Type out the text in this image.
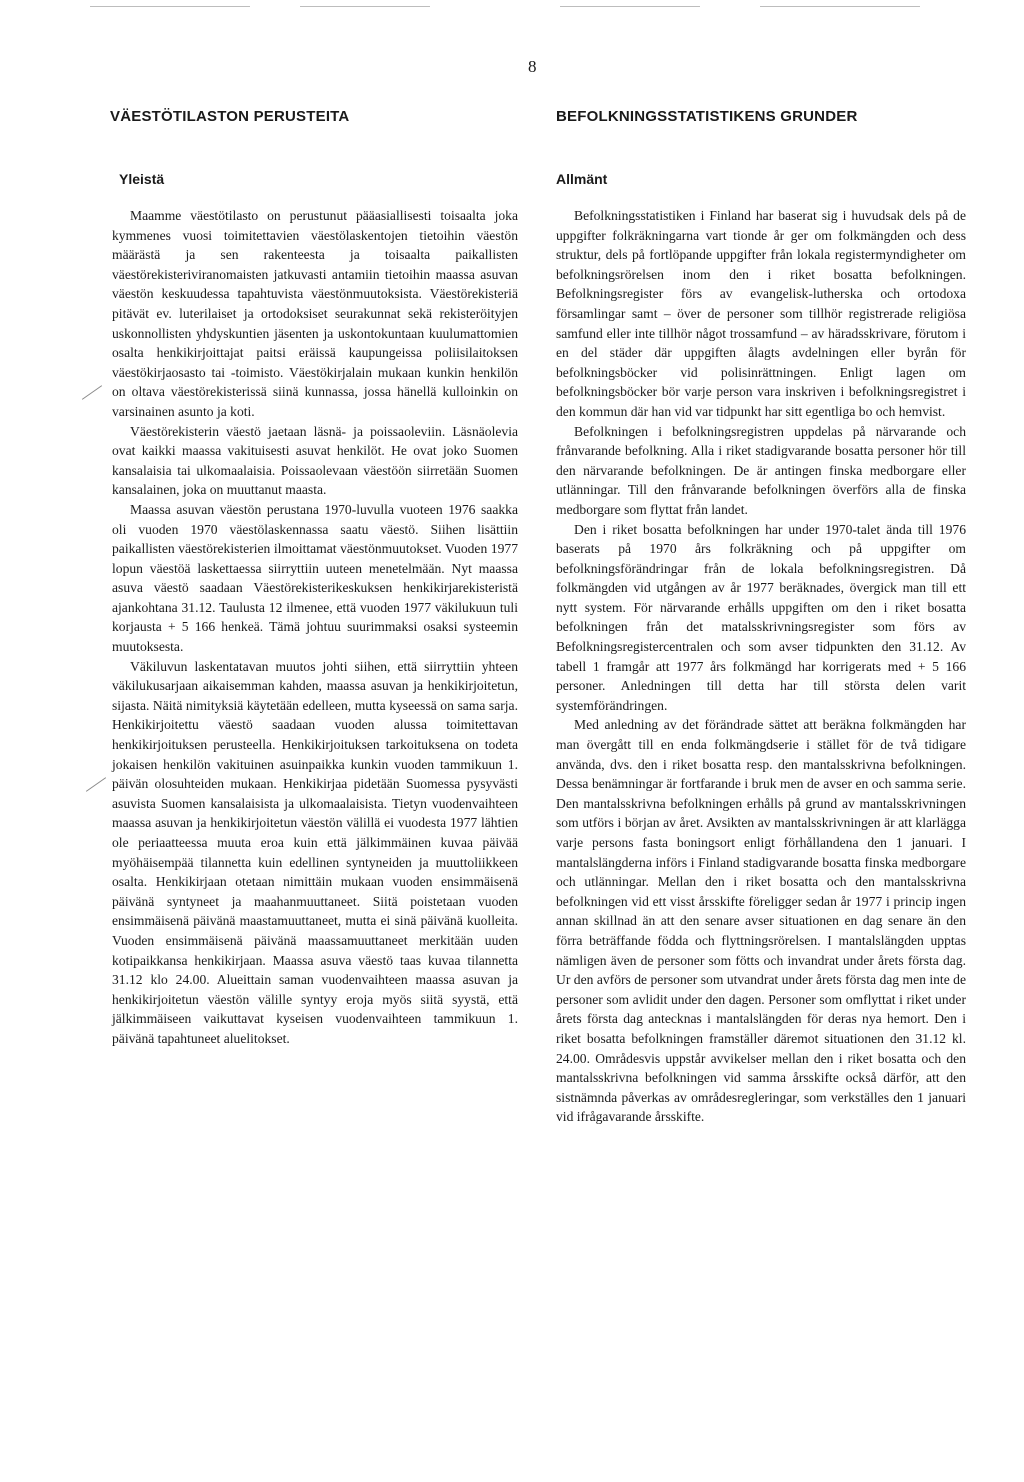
8
VÄESTÖTILASTON PERUSTEITA
Yleistä

Maamme väestötilasto on perustunut pääasiallisesti toisaalta joka kymmenes vuosi toimitettavien väestölaskentojen tietoihin väestön määrästä ja sen rakenteesta ja toisaalta paikallisten väestörekisteriviranomaisten jatkuvasti antamiin tietoihin maassa asuvan väestön keskuudessa tapahtuvista väestönmuutoksista. Väestörekisteriä pitävät ev. luterilaiset ja ortodoksiset seurakunnat sekä rekisteröityjen uskonnollisten yhdyskuntien jäsenten ja uskontokuntaan kuulumattomien osalta henkikirjoittajat paitsi eräissä kaupungeissa poliisilaitoksen väestökirjaosasto tai -toimisto. Väestökirjalain mukaan kunkin henkilön on oltava väestörekisterissä siinä kunnassa, jossa hänellä kulloinkin on varsinainen asunto ja koti.

Väestörekisterin väestö jaetaan läsnä- ja poissaoleviin. Läsnäolevia ovat kaikki maassa vakituisesti asuvat henkilöt. He ovat joko Suomen kansalaisia tai ulkomaalaisia. Poissaolevaan väestöön siirretään Suomen kansalainen, joka on muuttanut maasta.

Maassa asuvan väestön perustana 1970-luvulla vuoteen 1976 saakka oli vuoden 1970 väestölaskennassa saatu väestö. Siihen lisättiin paikallisten väestörekisterien ilmoittamat väestönmuutokset. Vuoden 1977 lopun väestöä laskettaessa siirryttiin uuteen menetelmään. Nyt maassa asuva väestö saadaan Väestörekisterikeskuksen henkikirjarekisteristä ajankohtana 31.12. Taulusta 12 ilmenee, että vuoden 1977 väkilukuun tuli korjausta + 5 166 henkeä. Tämä johtuu suurimmaksi osaksi systeemin muutoksesta.

Väkiluvun laskentatavan muutos johti siihen, että siirryttiin yhteen väkilukusarjaan aikaisemman kahden, maassa asuvan ja henkikirjoitetun, sijasta. Näitä nimityksiä käytetään edelleen, mutta kyseessä on sama sarja. Henkikirjoitettu väestö saadaan vuoden alussa toimitettavan henkikirjoituksen perusteella. Henkikirjoituksen tarkoituksena on todeta jokaisen henkilön vakituinen asuinpaikka kunkin vuoden tammikuun 1. päivän olosuhteiden mukaan. Henkikirjaa pidetään Suomessa pysyvästi asuvista Suomen kansalaisista ja ulkomaalaisista. Tietyn vuodenvaihteen maassa asuvan ja henkikirjoitetun väestön välillä ei vuodesta 1977 lähtien ole periaatteessa muuta eroa kuin että jälkimmäinen kuvaa päivää myöhäisempää tilannetta kuin edellinen syntyneiden ja muuttoliikkeen osalta. Henkikirjaan otetaan nimittäin mukaan vuoden ensimmäisenä päivänä syntyneet ja maahanmuuttaneet. Siitä poistetaan vuoden ensimmäisenä päivänä maastamuuttaneet, mutta ei sinä päivänä kuolleita. Vuoden ensimmäisenä päivänä maassamuuttaneet merkitään uuden kotipaikkansa henkikirjaan. Maassa asuva väestö taas kuvaa tilannetta 31.12 klo 24.00. Alueittain saman vuodenvaihteen maassa asuvan ja henkikirjoitetun väestön välille syntyy eroja myös siitä syystä, että jälkimmäiseen vaikuttavat kyseisen vuodenvaihteen tammikuun 1. päivänä tapahtuneet aluelitokset.

BEFOLKNINGSSTATISTIKENS GRUNDER
Allmänt

Befolkningsstatistiken i Finland har baserat sig i huvudsak dels på de uppgifter folkräkningarna vart tionde år ger om folkmängden och dess struktur, dels på fortlöpande uppgifter från lokala registermyndigheter om befolkningsrörelsen inom den i riket bosatta befolkningen. Befolkningsregister förs av evangelisk-lutherska och ortodoxa församlingar samt – över de personer som tillhör registrerade religiösa samfund eller inte tillhör något trossamfund – av häradsskrivare, förutom i en del städer där uppgiften ålagts avdelningen eller byrån för befolkningsböcker vid polisinrättningen. Enligt lagen om befolkningsböcker bör varje person vara inskriven i befolkningsregistret i den kommun där han vid var tidpunkt har sitt egentliga bo och hemvist.

Befolkningen i befolkningsregistren uppdelas på närvarande och frånvarande befolkning. Alla i riket stadigvarande bosatta personer hör till den närvarande befolkningen. De är antingen finska medborgare eller utlänningar. Till den frånvarande befolkningen överförs alla de finska medborgare som flyttat från landet.

Den i riket bosatta befolkningen har under 1970-talet ända till 1976 baserats på 1970 års folkräkning och på uppgifter om befolkningsförändringar från de lokala befolkningsregistren. Då folkmängden vid utgången av år 1977 beräknades, övergick man till ett nytt system. För närvarande erhålls uppgiften om den i riket bosatta befolkningen från det matalsskrivningsregister som förs av Befolkningsregistercentralen och som avser tidpunkten den 31.12. Av tabell 1 framgår att 1977 års folkmängd har korrigerats med + 5 166 personer. Anledningen till detta har till största delen varit systemförändringen.

Med anledning av det förändrade sättet att beräkna folkmängden har man övergått till en enda folkmängdserie i stället för de två tidigare använda, dvs. den i riket bosatta resp. den mantalsskrivna befolkningen. Dessa benämningar är fortfarande i bruk men de avser en och samma serie. Den mantalsskrivna befolkningen erhålls på grund av mantalsskrivningen som utförs i början av året. Avsikten av mantalsskrivningen är att klarlägga varje persons fasta boningsort enligt förhållandena den 1 januari. I mantalslängderna införs i Finland stadigvarande bosatta finska medborgare och utlänningar. Mellan den i riket bosatta och den mantalsskrivna befolkningen vid ett visst årsskifte föreligger sedan år 1977 i princip ingen annan skillnad än att den senare avser situationen en dag senare än den förra beträffande födda och flyttningsrörelsen. I mantalslängden upptas nämligen även de personer som fötts och invandrat under årets första dag. Ur den avförs de personer som utvandrat under årets första dag men inte de personer som avlidit under den dagen. Personer som omflyttat i riket under årets första dag antecknas i mantalslängden för deras nya hemort. Den i riket bosatta befolkningen framställer däremot situationen den 31.12 kl. 24.00. Områdesvis uppstår avvikelser mellan den i riket bosatta och den mantalsskrivna befolkningen vid samma årsskifte också därför, att den sistnämnda påverkas av områdesregleringar, som verkställes den 1 januari vid ifrågavarande årsskifte.
